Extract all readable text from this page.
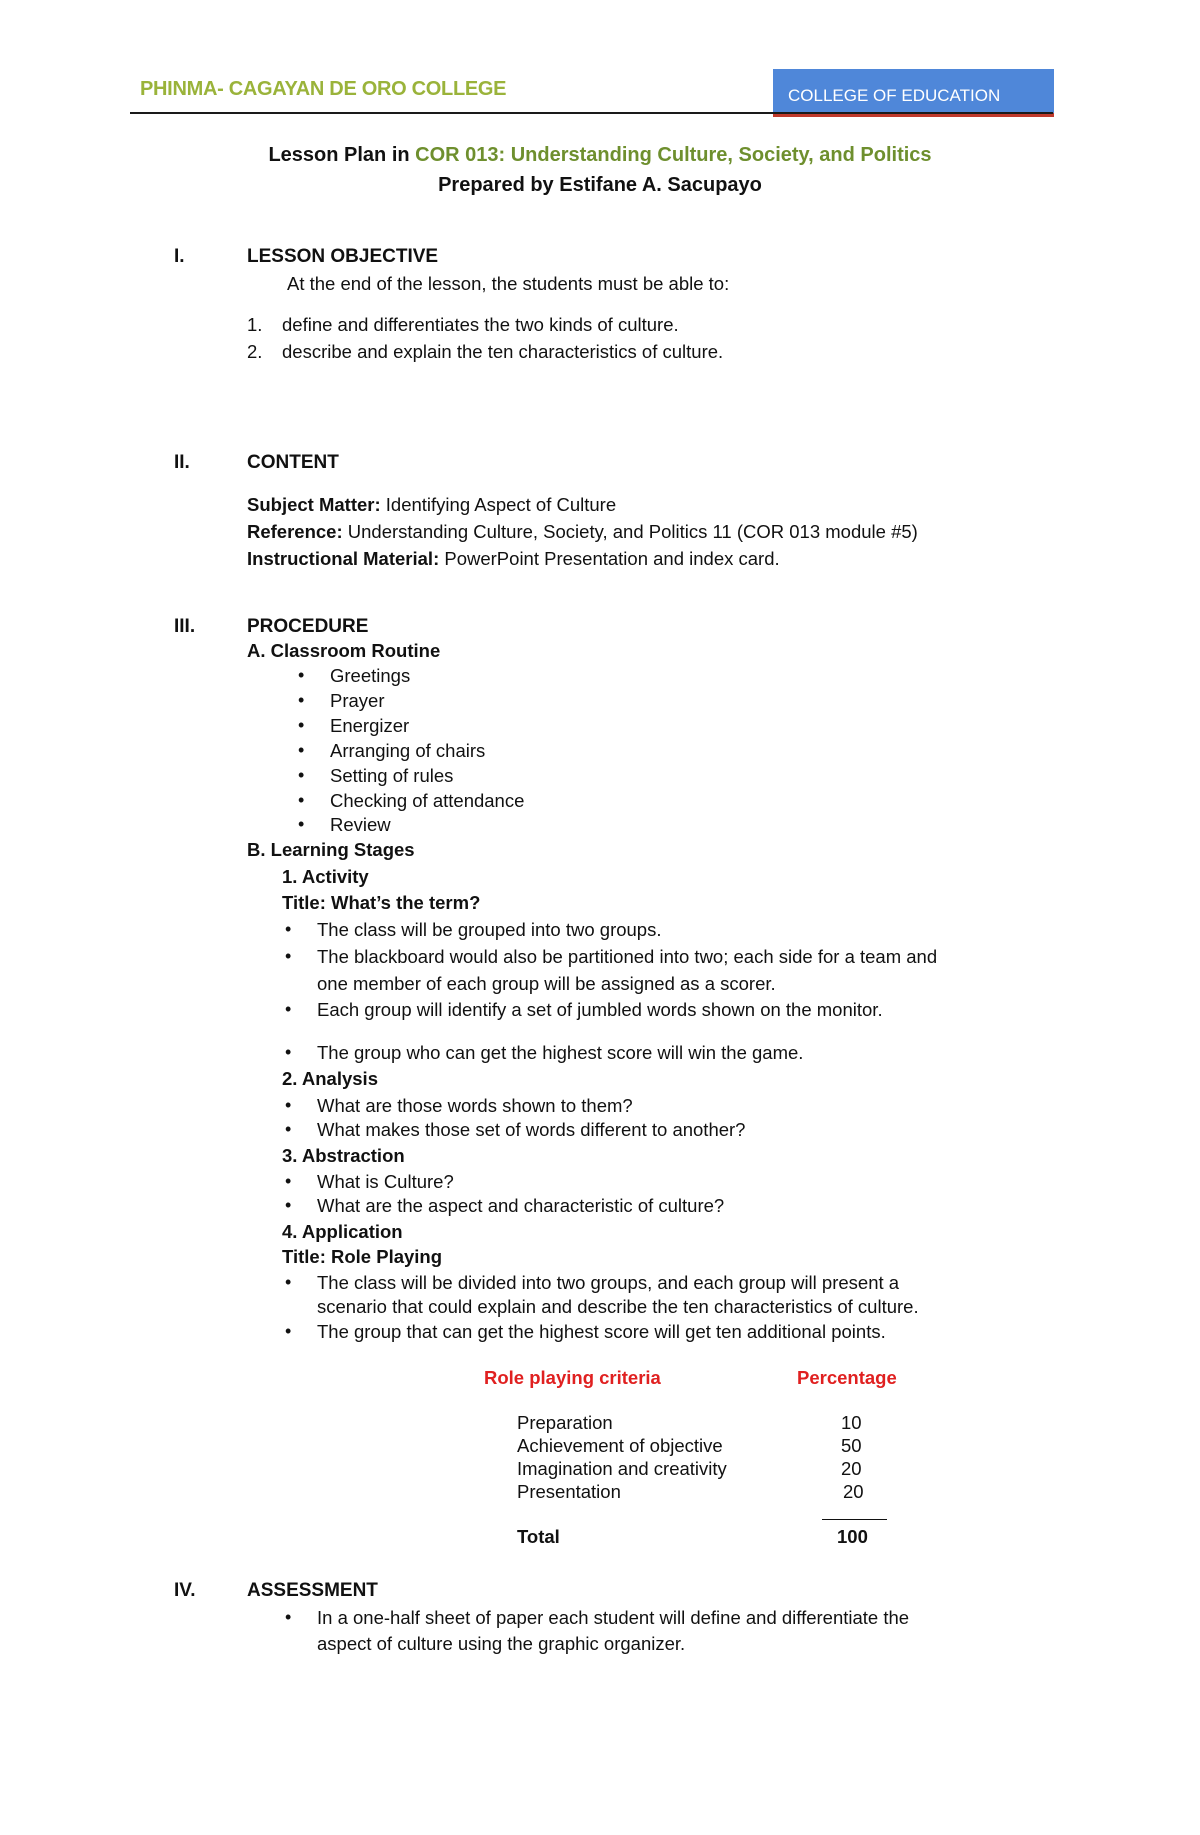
PHINMA- CAGAYAN DE ORO COLLEGE	COLLEGE OF EDUCATION
Lesson Plan in COR 013: Understanding Culture, Society, and Politics
Prepared by Estifane A. Sacupayo
I.	LESSON OBJECTIVE
At the end of the lesson, the students must be able to:
1. define and differentiates the two kinds of culture.
2. describe and explain the ten characteristics of culture.
II.	CONTENT
Subject Matter: Identifying Aspect of Culture
Reference: Understanding Culture, Society, and Politics 11 (COR 013 module #5)
Instructional Material: PowerPoint Presentation and index card.
III.	PROCEDURE
A. Classroom Routine
• Greetings
• Prayer
• Energizer
• Arranging of chairs
• Setting of rules
• Checking of attendance
• Review
B. Learning Stages
1. Activity
Title: What’s the term?
• The class will be grouped into two groups.
• The blackboard would also be partitioned into two; each side for a team and
one member of each group will be assigned as a scorer.
• Each group will identify a set of jumbled words shown on the monitor.
• The group who can get the highest score will win the game.
2. Analysis
• What are those words shown to them?
• What makes those set of words different to another?
3. Abstraction
• What is Culture?
• What are the aspect and characteristic of culture?
4. Application
Title: Role Playing
• The class will be divided into two groups, and each group will present a
scenario that could explain and describe the ten characteristics of culture.
• The group that can get the highest score will get ten additional points.
Role playing criteria	Percentage
Preparation	10
Achievement of objective	50
Imagination and creativity	20
Presentation	20
Total	100
IV.	ASSESSMENT
• In a one-half sheet of paper each student will define and differentiate the
aspect of culture using the graphic organizer.
